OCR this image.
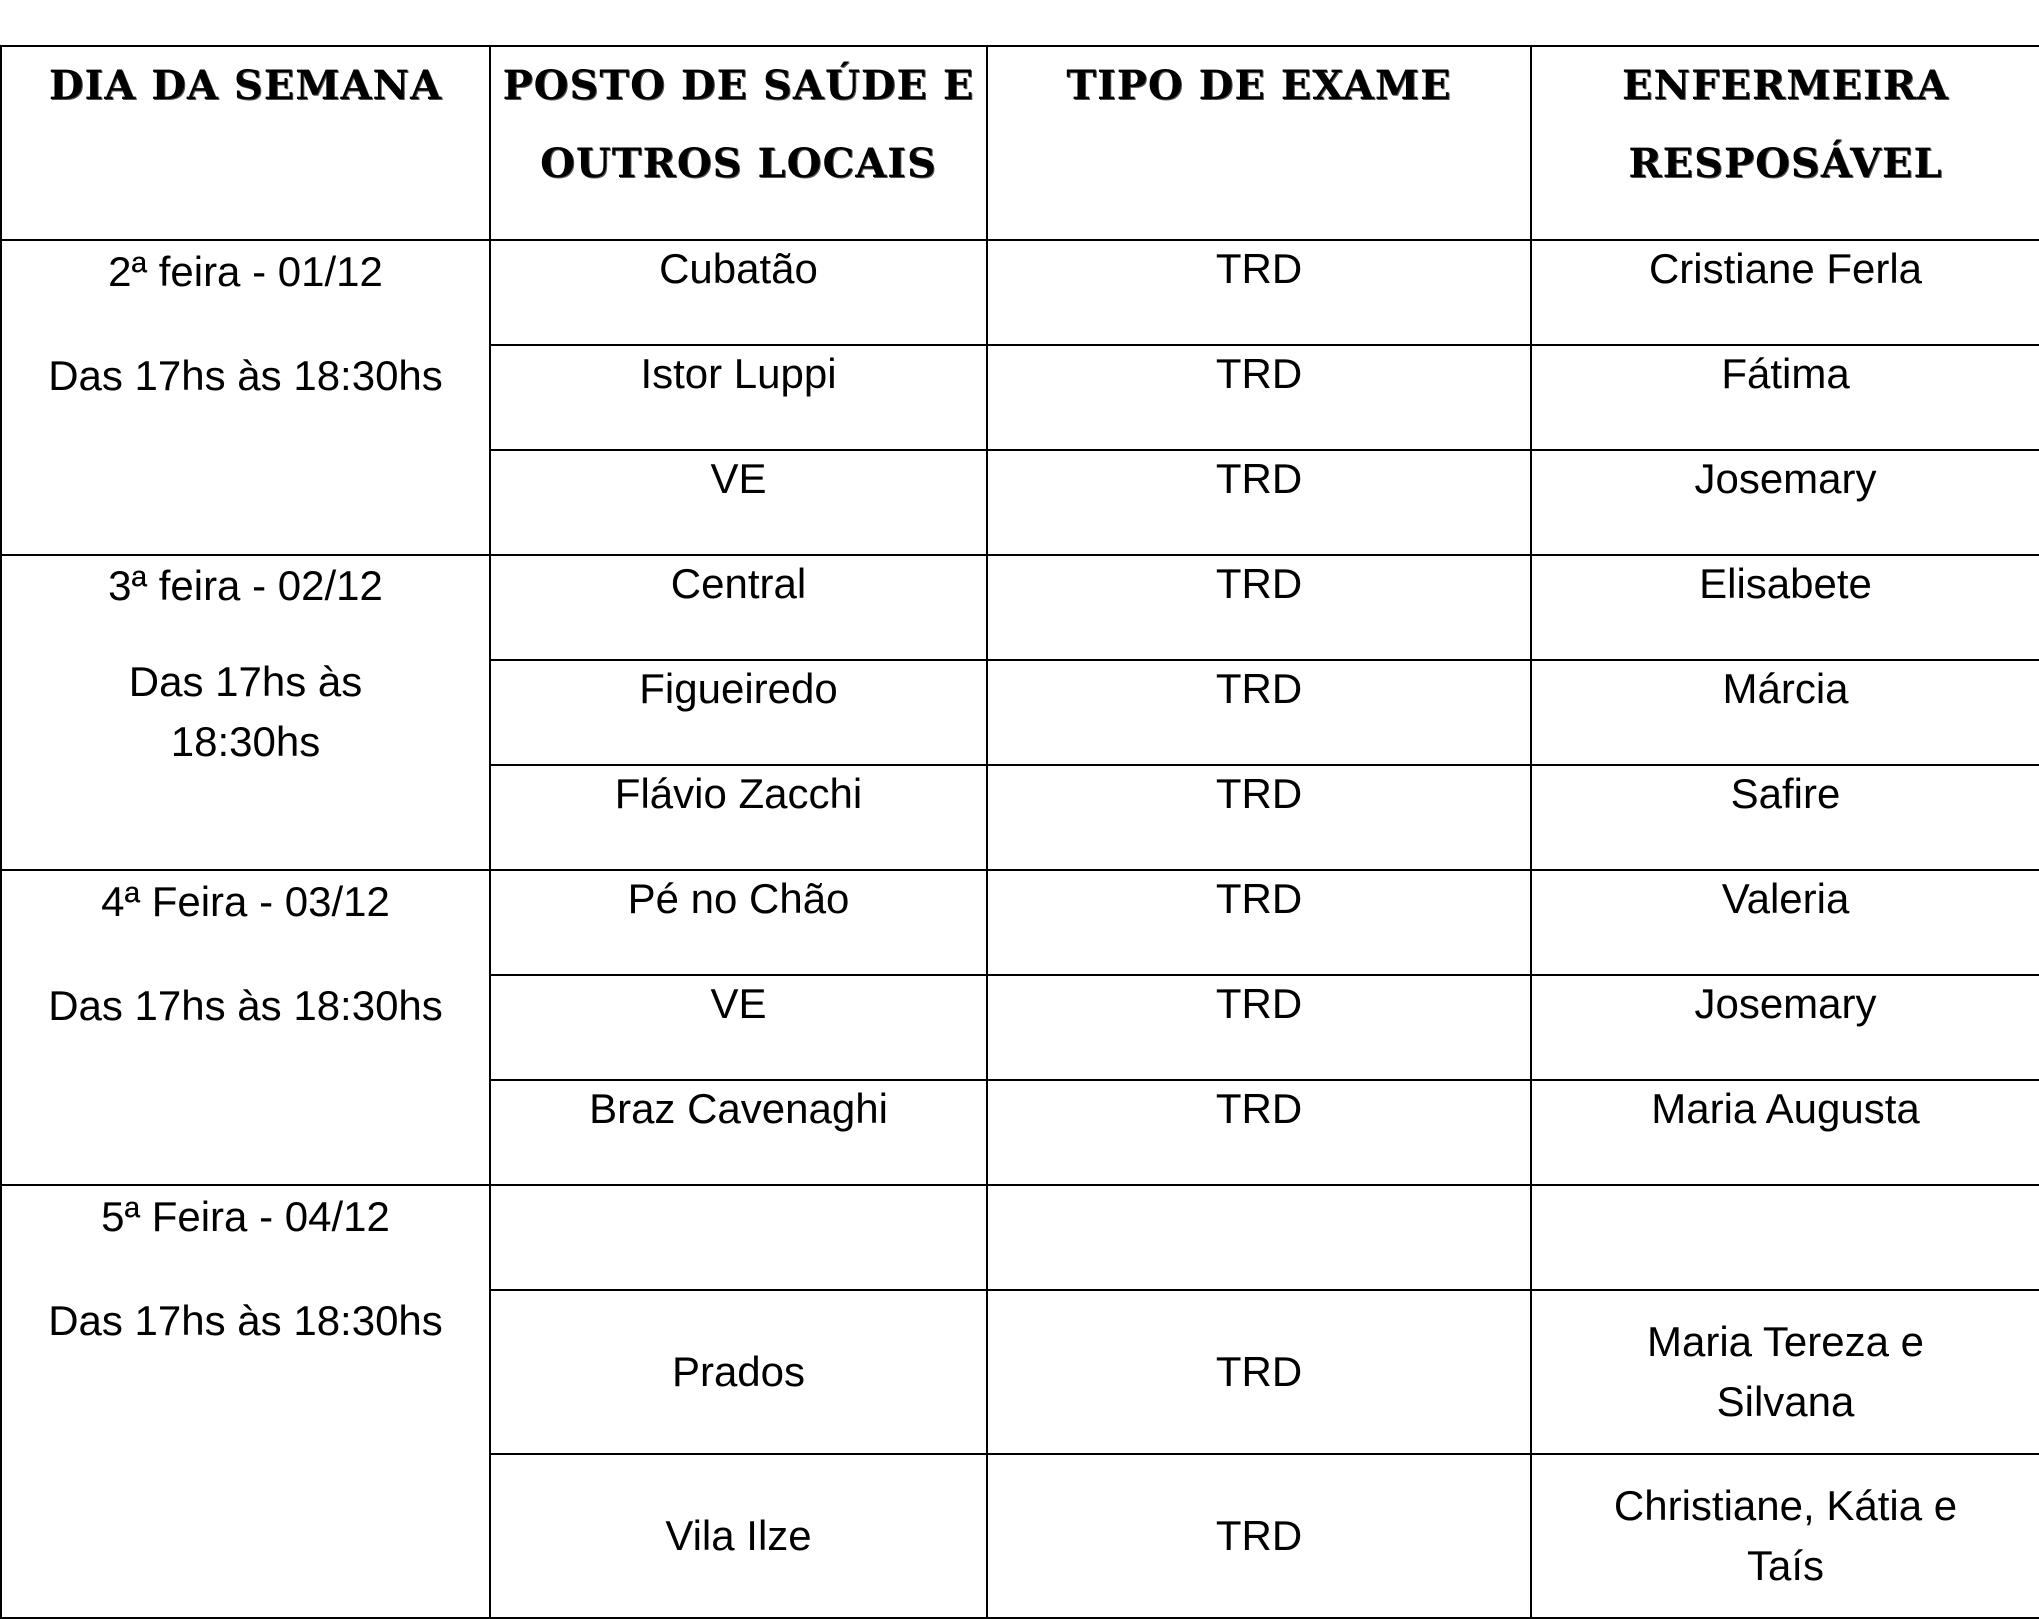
DIA DA SEMANA	POSTO DE SAÚDE E
OUTROS LOCAIS	TIPO DE EXAME	ENFERMEIRA
RESPOSÁVEL

2ª feira - 01/12
Das 17hs às 18:30hs	Cubatão	TRD	Cristiane Ferla
	Istor Luppi	TRD	Fátima
	VE	TRD	Josemary

3ª feira - 02/12
Das 17hs às
18:30hs	Central	TRD	Elisabete
	Figueiredo	TRD	Márcia
	Flávio Zacchi	TRD	Safire

4ª Feira - 03/12
Das 17hs às 18:30hs	Pé no Chão	TRD	Valeria
	VE	TRD	Josemary
	Braz Cavenaghi	TRD	Maria Augusta

5ª Feira - 04/12
Das 17hs às 18:30hs			
	Prados	TRD	Maria Tereza e
Silvana
	Vila Ilze	TRD	Christiane, Kátia e
Taís
